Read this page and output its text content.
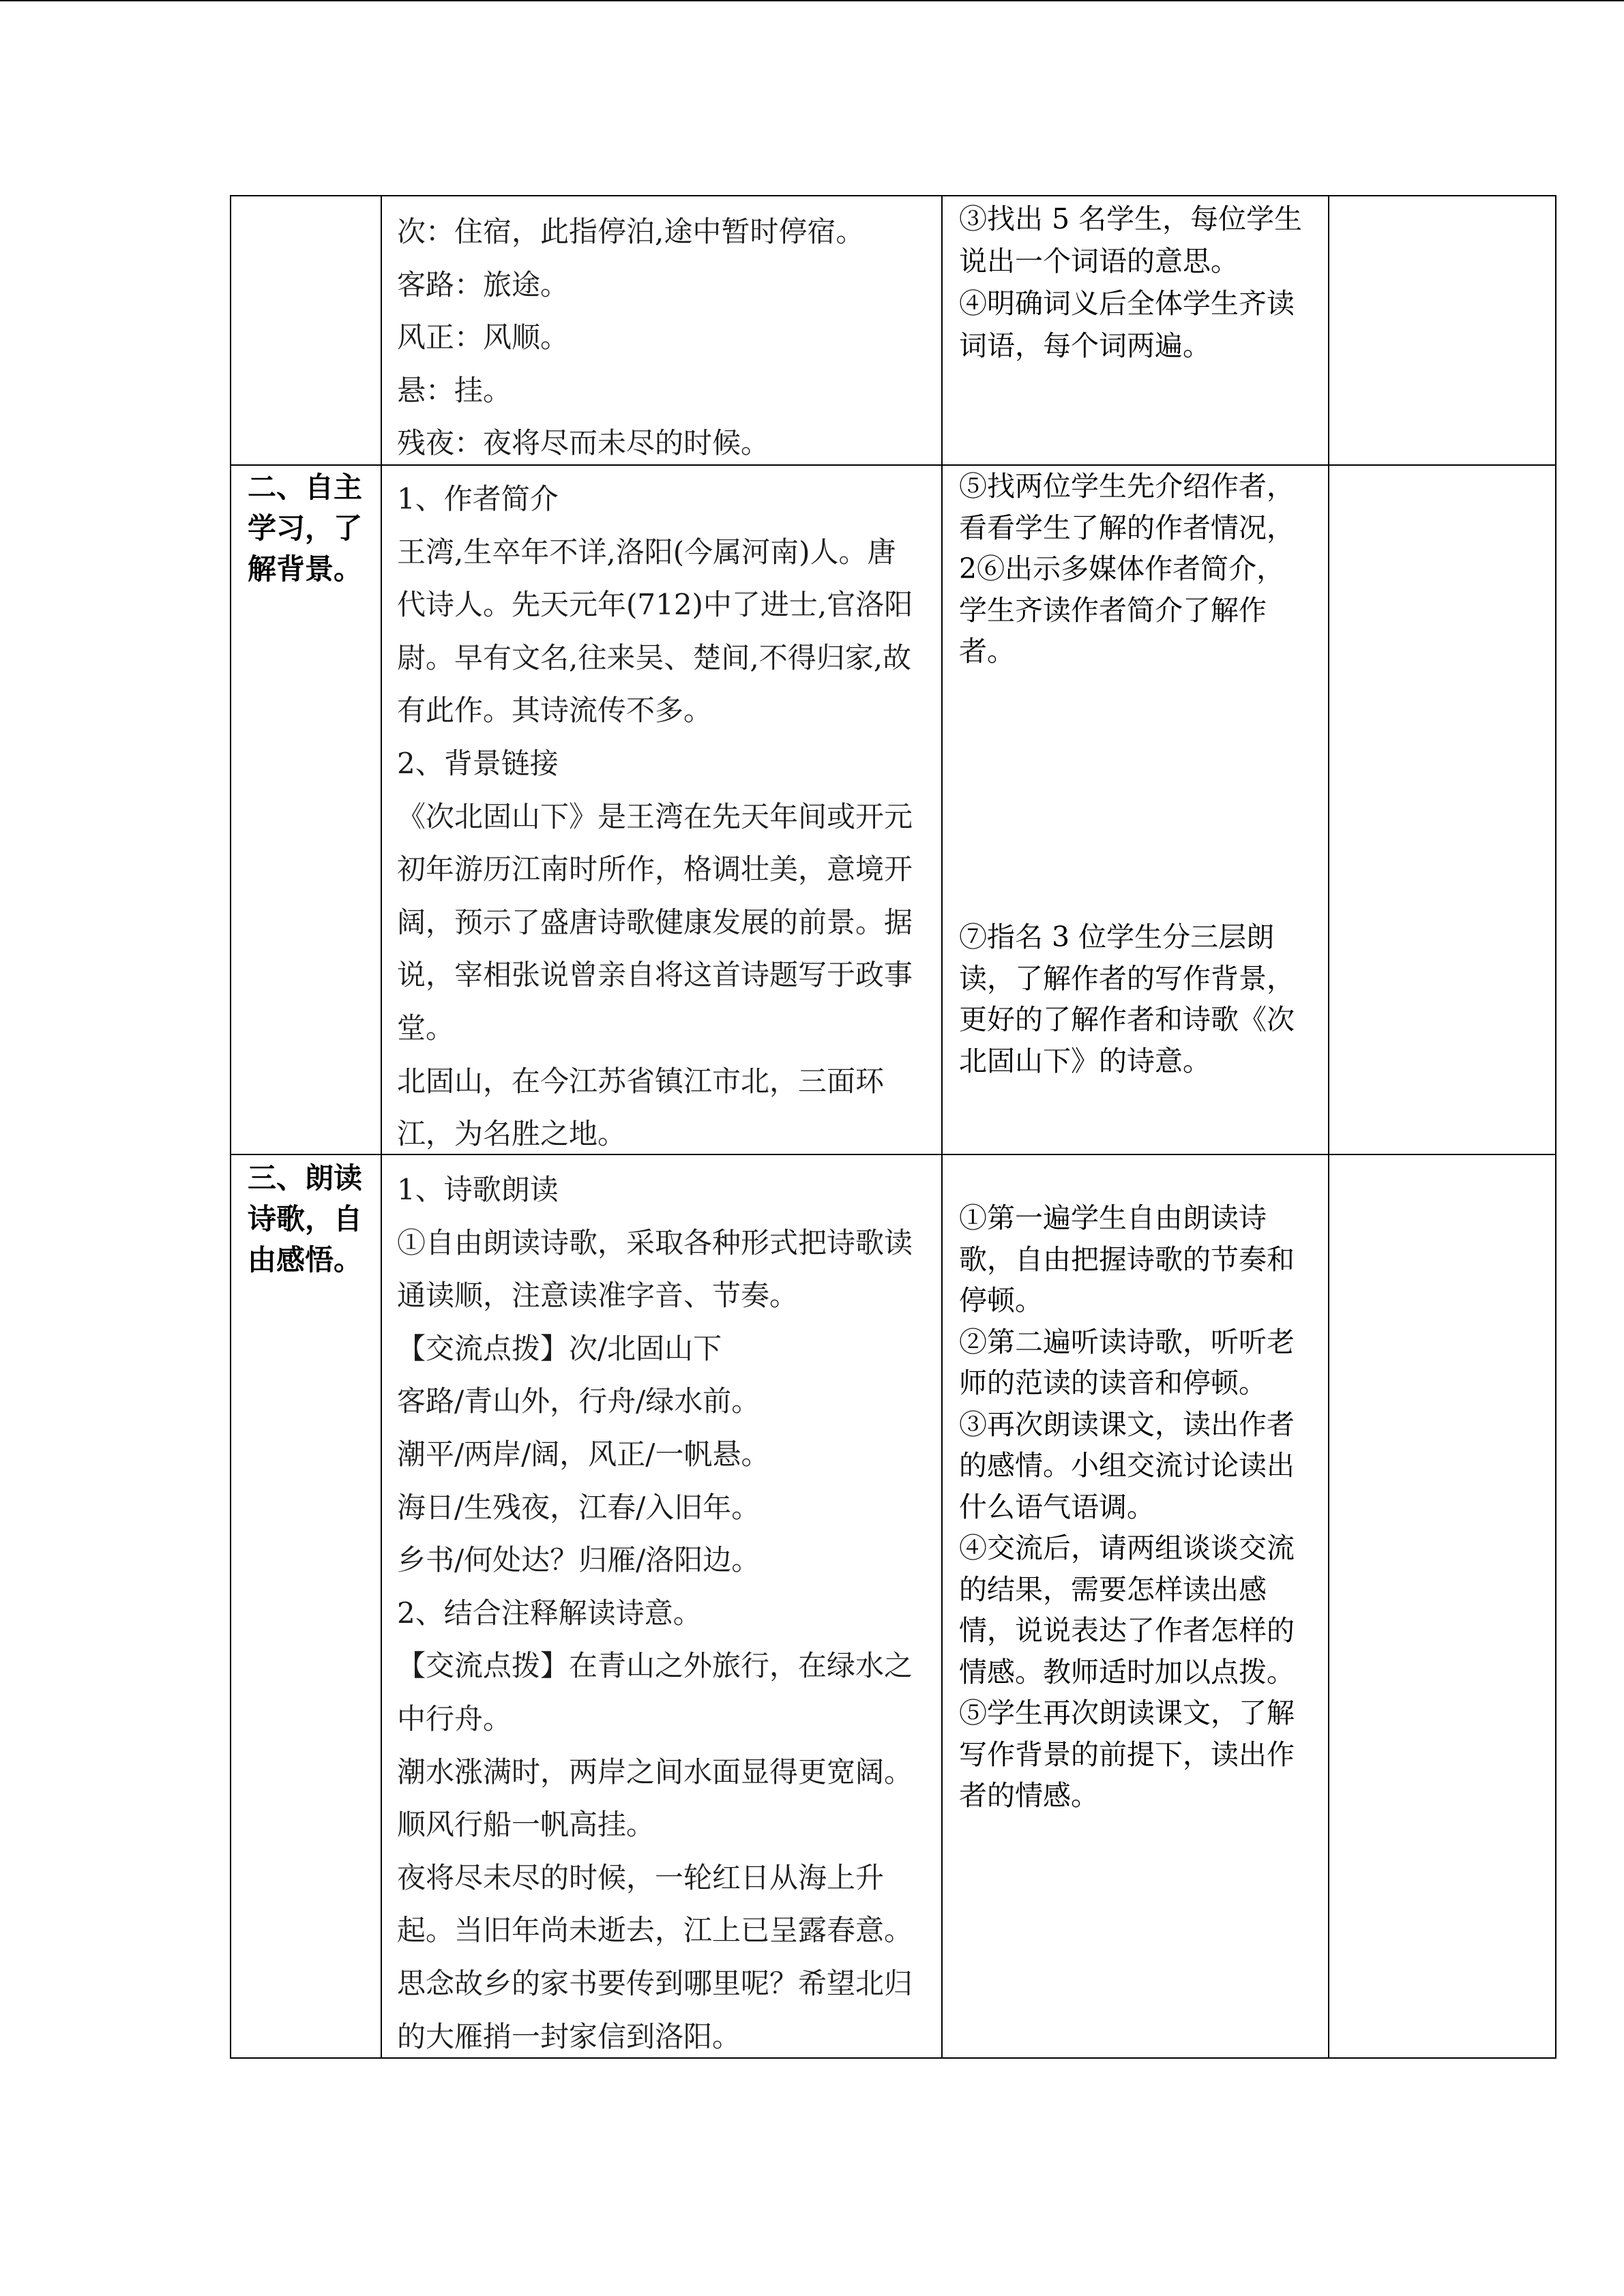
次：住宿，此指停泊,途中暂时停宿。
客路：旅途。
风正：风顺。
悬：挂。
残夜：夜将尽而未尽的时候。
③找出 5 名学生，每位学生
说出一个词语的意思。
④明确词义后全体学生齐读
词语，每个词两遍。
二、自主
学习，了
解背景。
1、作者简介
王湾,生卒年不详,洛阳(今属河南)人。唐
代诗人。先天元年(712)中了进士,官洛阳
尉。早有文名,往来吴、楚间,不得归家,故
有此作。其诗流传不多。
2、背景链接
《次北固山下》是王湾在先天年间或开元
初年游历江南时所作，格调壮美，意境开
阔，预示了盛唐诗歌健康发展的前景。据
说，宰相张说曾亲自将这首诗题写于政事
堂。
北固山，在今江苏省镇江市北，三面环
江，为名胜之地。
⑤找两位学生先介绍作者，
看看学生了解的作者情况，
2⑥出示多媒体作者简介，
学生齐读作者简介了解作
者。
⑦指名 3 位学生分三层朗
读，了解作者的写作背景，
更好的了解作者和诗歌《次
北固山下》的诗意。
三、朗读
诗歌，自
由感悟。
1、诗歌朗读
①自由朗读诗歌，采取各种形式把诗歌读
通读顺，注意读准字音、节奏。
【交流点拨】次/北固山下
客路/青山外，行舟/绿水前。
潮平/两岸/阔，风正/一帆悬。
海日/生残夜，江春/入旧年。
乡书/何处达？归雁/洛阳边。
2、结合注释解读诗意。
【交流点拨】在青山之外旅行，在绿水之
中行舟。
潮水涨满时，两岸之间水面显得更宽阔。
顺风行船一帆高挂。
夜将尽未尽的时候，一轮红日从海上升
起。当旧年尚未逝去，江上已呈露春意。
思念故乡的家书要传到哪里呢？希望北归
的大雁捎一封家信到洛阳。
①第一遍学生自由朗读诗
歌，自由把握诗歌的节奏和
停顿。
②第二遍听读诗歌，听听老
师的范读的读音和停顿。
③再次朗读课文，读出作者
的感情。小组交流讨论读出
什么语气语调。
④交流后，请两组谈谈交流
的结果，需要怎样读出感
情，说说表达了作者怎样的
情感。教师适时加以点拨。
⑤学生再次朗读课文，了解
写作背景的前提下，读出作
者的情感。
